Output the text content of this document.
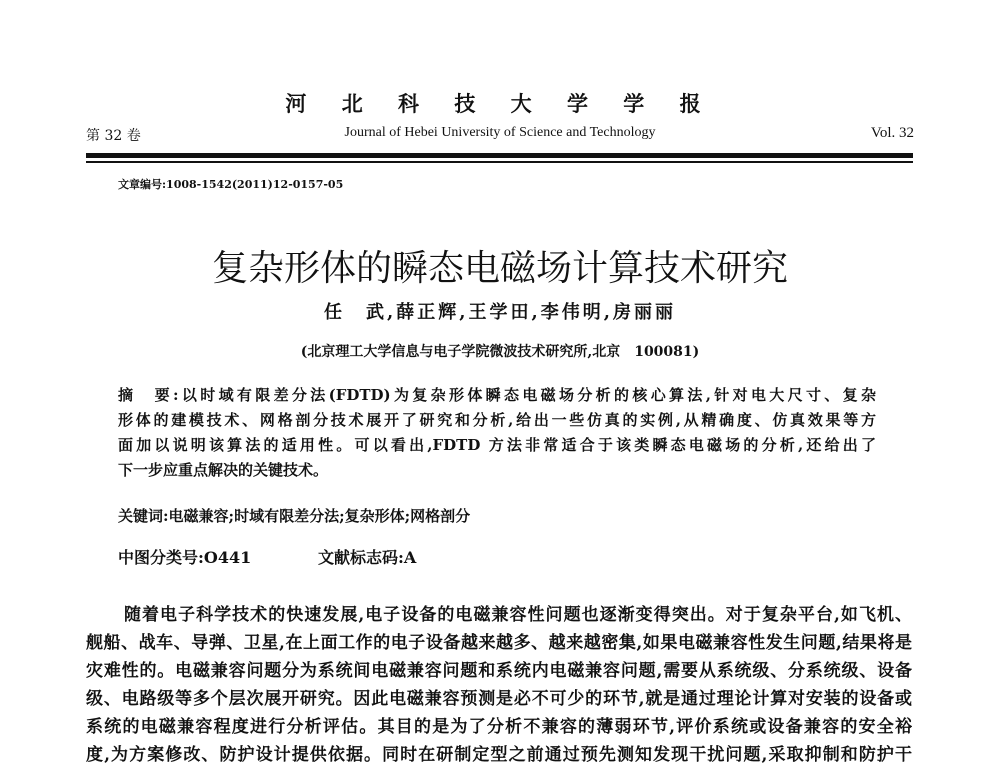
河 北 科 技 大 学 学 报
第 32 卷	Journal of Hebei University of Science and Technology	Vol. 32
文章编号:1008-1542(2011)12-0157-05
复杂形体的瞬态电磁场计算技术研究
任　武,薛正辉,王学田,李伟明,房丽丽
(北京理工大学信息与电子学院微波技术研究所,北京　100081)
摘　要:以时域有限差分法(FDTD)为复杂形体瞬态电磁场分析的核心算法,针对电大尺寸、复杂
形体的建模技术、网格剖分技术展开了研究和分析,给出一些仿真的实例,从精确度、仿真效果等方
面加以说明该算法的适用性。可以看出,FDTD 方法非常适合于该类瞬态电磁场的分析,还给出了
下一步应重点解决的关键技术。
关键词:电磁兼容;时域有限差分法;复杂形体;网格剖分
中图分类号:O441	文献标志码:A
随着电子科学技术的快速发展,电子设备的电磁兼容性问题也逐渐变得突出。对于复杂平台,如飞机、
舰船、战车、导弹、卫星,在上面工作的电子设备越来越多、越来越密集,如果电磁兼容性发生问题,结果将是
灾难性的。电磁兼容问题分为系统间电磁兼容问题和系统内电磁兼容问题,需要从系统级、分系统级、设备
级、电路级等多个层次展开研究。因此电磁兼容预测是必不可少的环节,就是通过理论计算对安装的设备或
系统的电磁兼容程度进行分析评估。其目的是为了分析不兼容的薄弱环节,评价系统或设备兼容的安全裕
度,为方案修改、防护设计提供依据。同时在研制定型之前通过预先测知发现干扰问题,采取抑制和防护干
